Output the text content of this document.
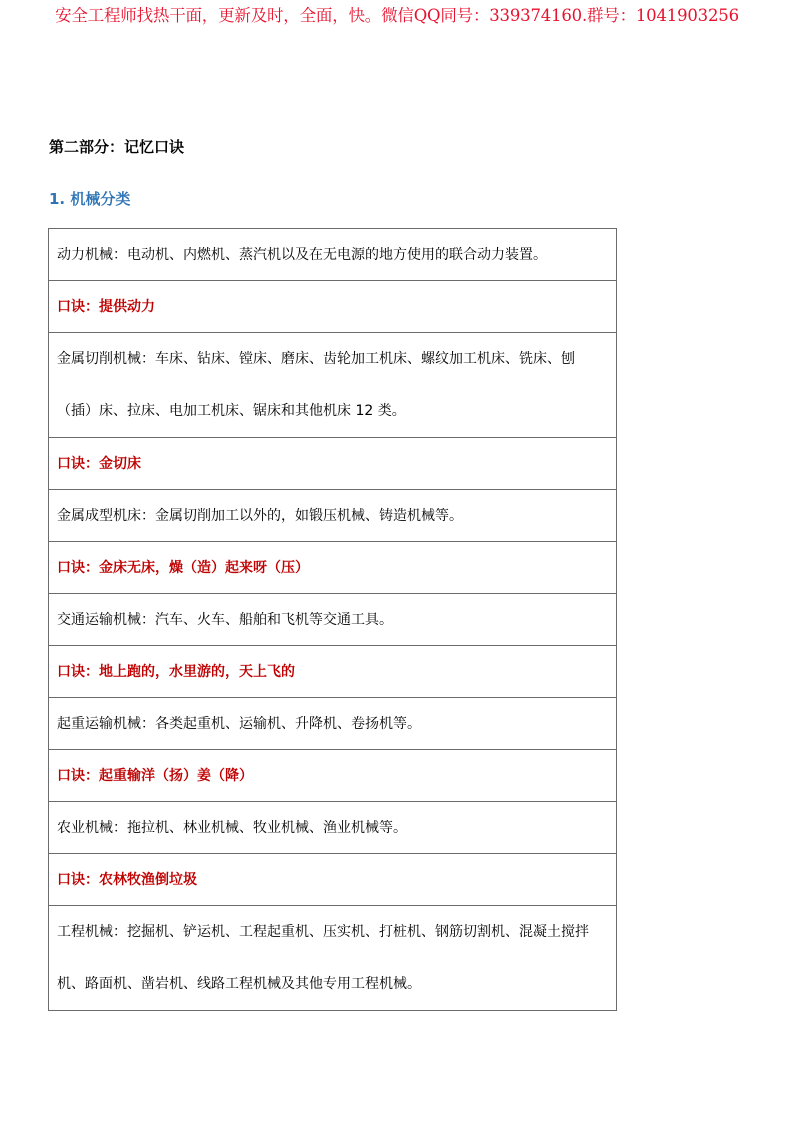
安全工程师找热干面，更新及时，全面，快。微信QQ同号：339374160.群号：1041903256
第二部分：记忆口诀
1. 机械分类
动力机械：电动机、内燃机、蒸汽机以及在无电源的地方使用的联合动力装置。
口诀：提供动力
金属切削机械：车床、钻床、镗床、磨床、齿轮加工机床、螺纹加工机床、铣床、刨（插）床、拉床、电加工机床、锯床和其他机床 12 类。
口诀：金切床
金属成型机床：金属切削加工以外的，如锻压机械、铸造机械等。
口诀：金床无床，燥（造）起来呀（压）
交通运输机械：汽车、火车、船舶和飞机等交通工具。
口诀：地上跑的，水里游的，天上飞的
起重运输机械：各类起重机、运输机、升降机、卷扬机等。
口诀：起重输洋（扬）姜（降）
农业机械：拖拉机、林业机械、牧业机械、渔业机械等。
口诀：农林牧渔倒垃圾
工程机械：挖掘机、铲运机、工程起重机、压实机、打桩机、钢筋切割机、混凝土搅拌机、路面机、凿岩机、线路工程机械及其他专用工程机械。
